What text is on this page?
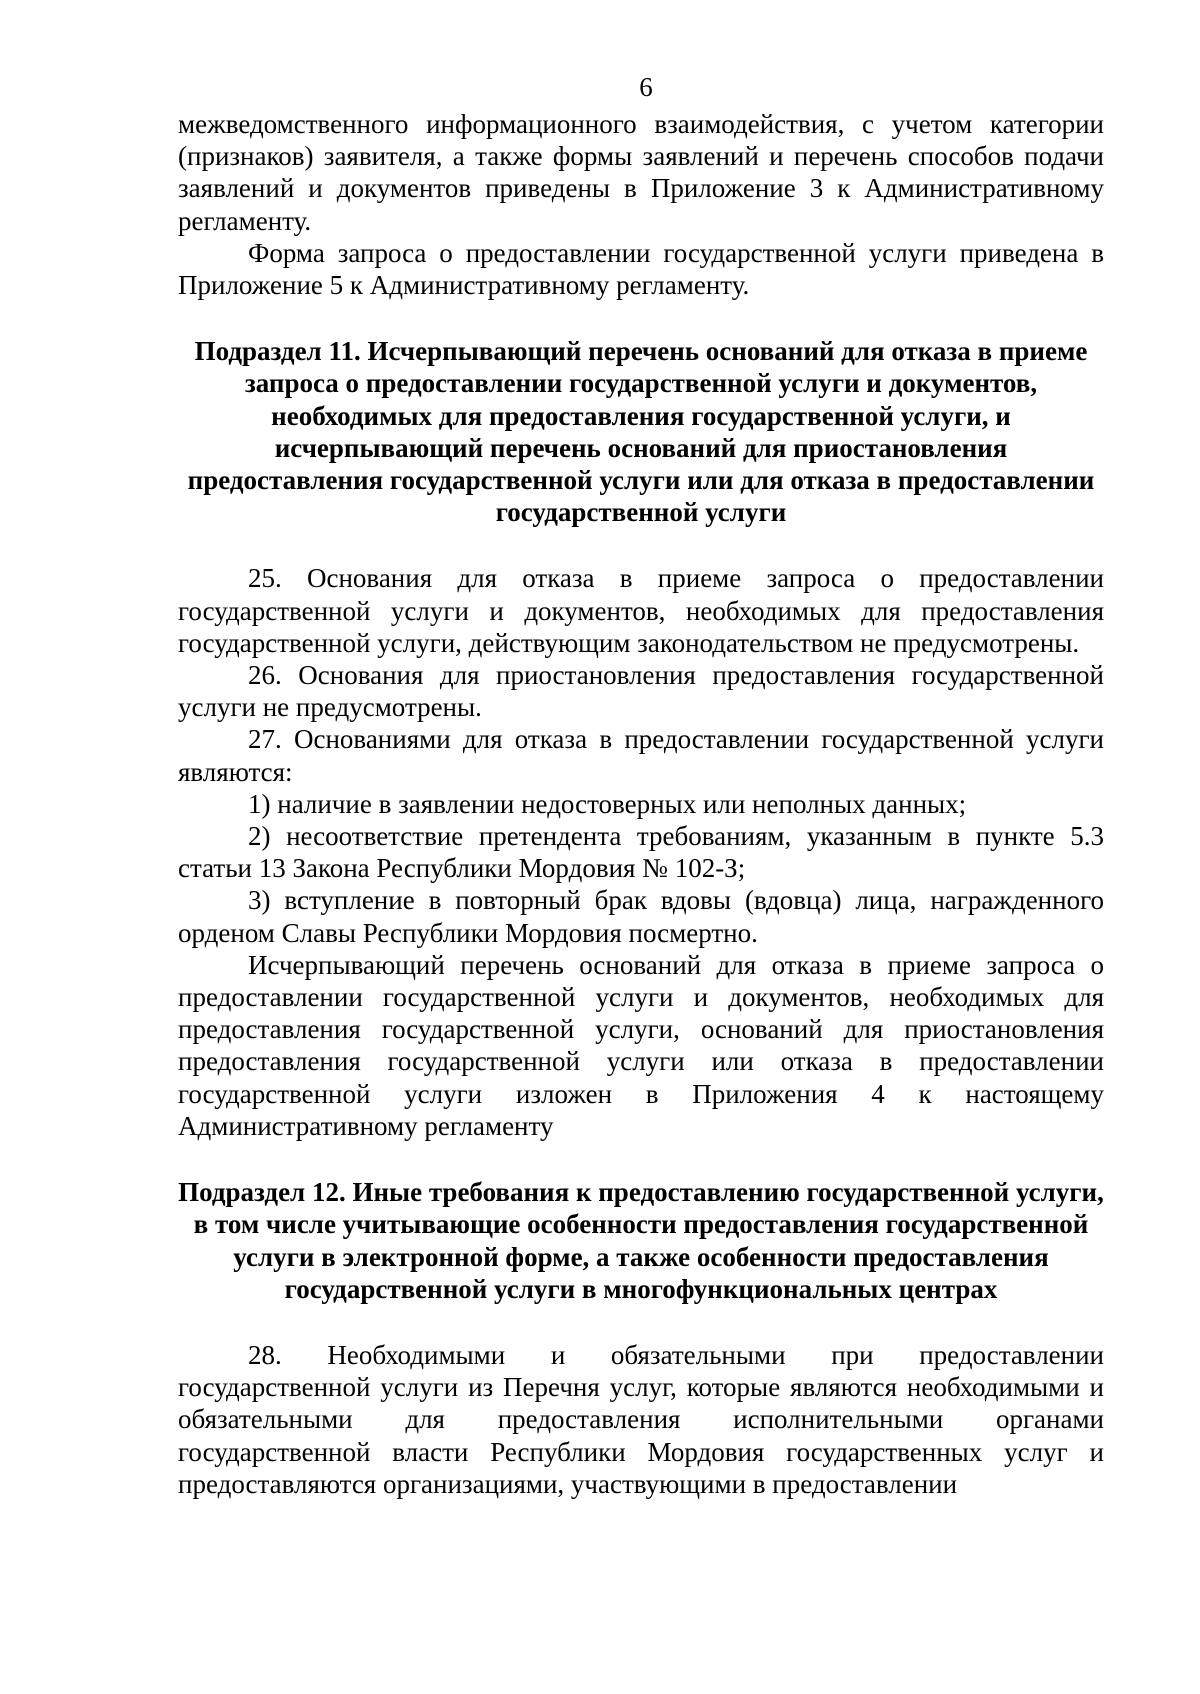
6

межведомственного информационного взаимодействия, с учетом категории (признаков) заявителя, а также формы заявлений и перечень способов подачи заявлений и документов приведены в Приложение 3 к Административному регламенту.

Форма запроса о предоставлении государственной услуги приведена в Приложение 5 к Административному регламенту.

Подраздел 11. Исчерпывающий перечень оснований для отказа в приеме запроса о предоставлении государственной услуги и документов, необходимых для предоставления государственной услуги, и исчерпывающий перечень оснований для приостановления предоставления государственной услуги или для отказа в предоставлении государственной услуги

25. Основания для отказа в приеме запроса о предоставлении государственной услуги и документов, необходимых для предоставления государственной услуги, действующим законодательством не предусмотрены.

26. Основания для приостановления предоставления государственной услуги не предусмотрены.

27. Основаниями для отказа в предоставлении государственной услуги являются:

1) наличие в заявлении недостоверных или неполных данных;

2) несоответствие претендента требованиям, указанным в пункте 5.3 статьи 13 Закона Республики Мордовия № 102-З;

3) вступление в повторный брак вдовы (вдовца) лица, награжденного орденом Славы Республики Мордовия посмертно.

Исчерпывающий перечень оснований для отказа в приеме запроса о предоставлении государственной услуги и документов, необходимых для предоставления государственной услуги, оснований для приостановления предоставления государственной услуги или отказа в предоставлении государственной услуги изложен в Приложения 4 к настоящему Административному регламенту

Подраздел 12. Иные требования к предоставлению государственной услуги, в том числе учитывающие особенности предоставления государственной услуги в электронной форме, а также особенности предоставления государственной услуги в многофункциональных центрах

28. Необходимыми и обязательными при предоставлении государственной услуги из Перечня услуг, которые являются необходимыми и обязательными для предоставления исполнительными органами государственной власти Республики Мордовия государственных услуг и предоставляются организациями, участвующими в предоставлении
